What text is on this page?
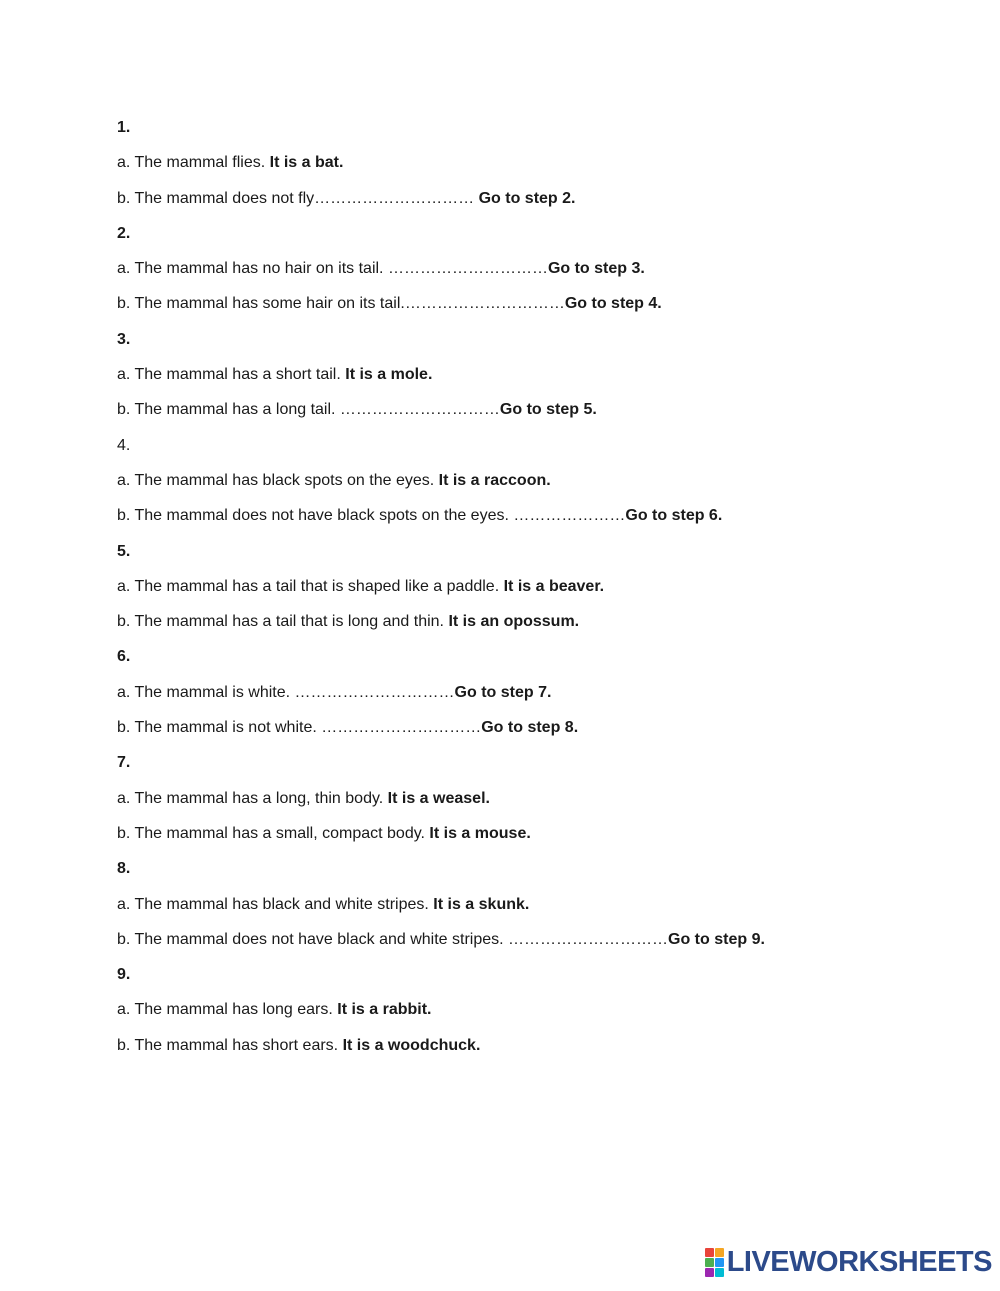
1.
a. The mammal flies. It is a bat.
b. The mammal does not fly………………………… Go to step 2.
2.
a. The mammal has no hair on its tail. …………………………Go to step 3.
b. The mammal has some hair on its tail.…………………………Go to step 4.
3.
a. The mammal has a short tail. It is a mole.
b. The mammal has a long tail. …………………………Go to step 5.
4.
a. The mammal has black spots on the eyes. It is a raccoon.
b. The mammal does not have black spots on the eyes. …………………Go to step 6.
5.
a. The mammal has a tail that is shaped like a paddle. It is a beaver.
b. The mammal has a tail that is long and thin. It is an opossum.
6.
a. The mammal is white. …………………………Go to step 7.
b. The mammal is not white. …………………………Go to step 8.
7.
a. The mammal has a long, thin body. It is a weasel.
b. The mammal has a small, compact body. It is a mouse.
8.
a. The mammal has black and white stripes. It is a skunk.
b. The mammal does not have black and white stripes. …………………………Go to step 9.
9.
a. The mammal has long ears. It is a rabbit.
b. The mammal has short ears. It is a woodchuck.
LIVEWORKSHEETS
